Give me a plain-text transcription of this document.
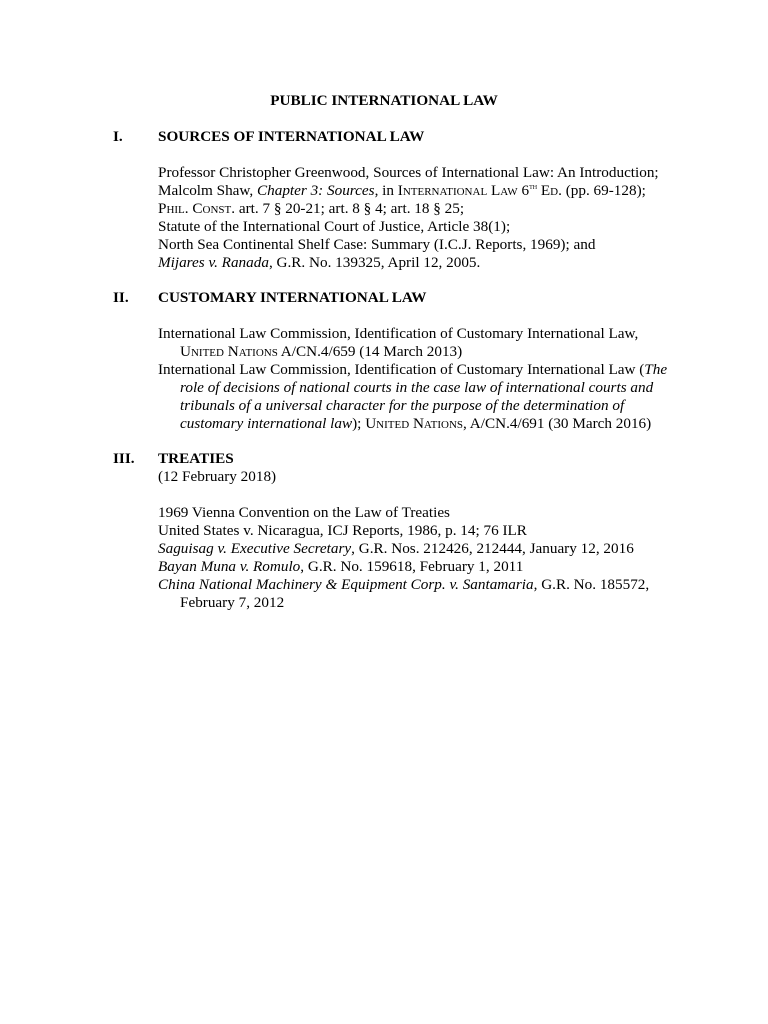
PUBLIC INTERNATIONAL LAW
I. SOURCES OF INTERNATIONAL LAW
Professor Christopher Greenwood, Sources of International Law: An Introduction;
Malcolm Shaw, Chapter 3: Sources, in International Law 6th Ed. (pp. 69-128);
Phil. Const. art. 7 § 20-21; art. 8 § 4; art. 18 § 25;
Statute of the International Court of Justice, Article 38(1);
North Sea Continental Shelf Case: Summary (I.C.J. Reports, 1969); and
Mijares v. Ranada, G.R. No. 139325, April 12, 2005.
II. CUSTOMARY INTERNATIONAL LAW
International Law Commission, Identification of Customary International Law,
United Nations A/CN.4/659 (14 March 2013)
International Law Commission, Identification of Customary International Law (The
role of decisions of national courts in the case law of international courts and
tribunals of a universal character for the purpose of the determination of
customary international law); United Nations, A/CN.4/691 (30 March 2016)
III. TREATIES
(12 February 2018)
1969 Vienna Convention on the Law of Treaties
United States v. Nicaragua, ICJ Reports, 1986, p. 14; 76 ILR
Saguisag v. Executive Secretary, G.R. Nos. 212426, 212444, January 12, 2016
Bayan Muna v. Romulo, G.R. No. 159618, February 1, 2011
China National Machinery & Equipment Corp. v. Santamaria, G.R. No. 185572,
February 7, 2012
